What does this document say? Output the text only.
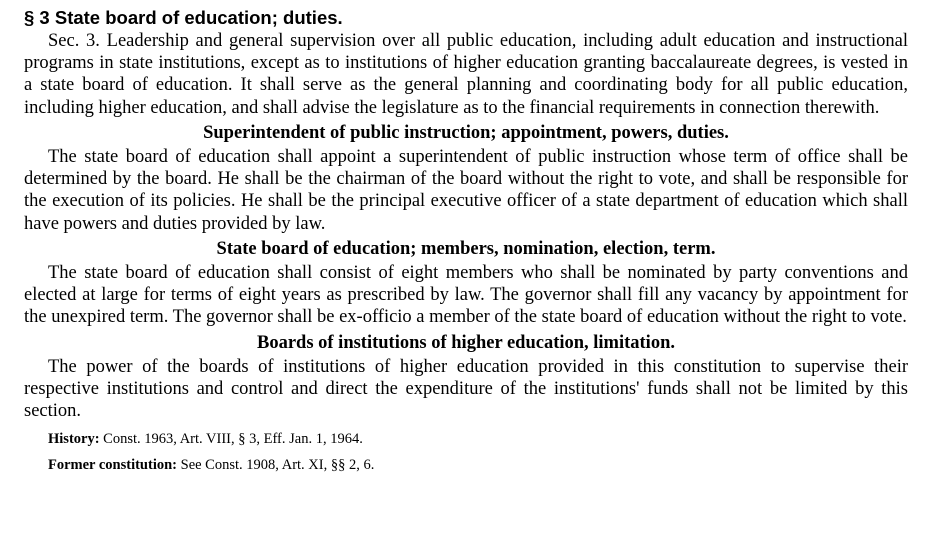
§ 3 State board of education; duties.

Sec. 3. Leadership and general supervision over all public education, including adult education and instructional programs in state institutions, except as to institutions of higher education granting baccalaureate degrees, is vested in a state board of education. It shall serve as the general planning and coordinating body for all public education, including higher education, and shall advise the legislature as to the financial requirements in connection therewith.

Superintendent of public instruction; appointment, powers, duties.

The state board of education shall appoint a superintendent of public instruction whose term of office shall be determined by the board. He shall be the chairman of the board without the right to vote, and shall be responsible for the execution of its policies. He shall be the principal executive officer of a state department of education which shall have powers and duties provided by law.

State board of education; members, nomination, election, term.

The state board of education shall consist of eight members who shall be nominated by party conventions and elected at large for terms of eight years as prescribed by law. The governor shall fill any vacancy by appointment for the unexpired term. The governor shall be ex-officio a member of the state board of education without the right to vote.

Boards of institutions of higher education, limitation.

The power of the boards of institutions of higher education provided in this constitution to supervise their respective institutions and control and direct the expenditure of the institutions' funds shall not be limited by this section.

History: Const. 1963, Art. VIII, § 3, Eff. Jan. 1, 1964.

Former constitution: See Const. 1908, Art. XI, §§ 2, 6.
